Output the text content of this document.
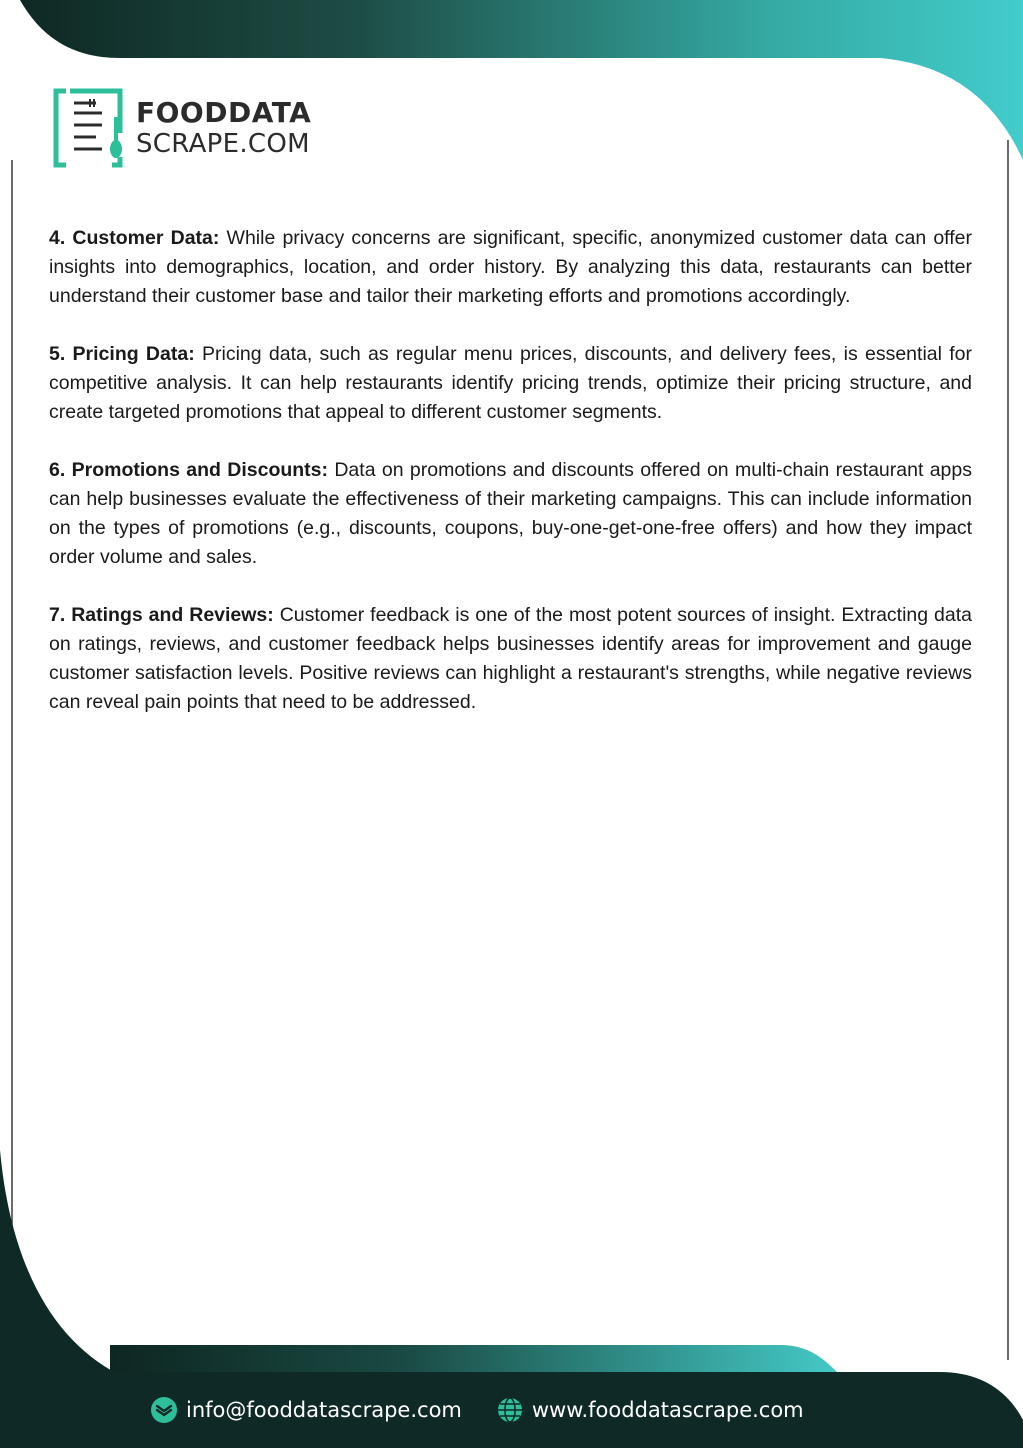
FOODDATA
SCRAPE.COM

4. Customer Data: While privacy concerns are significant, specific, anonymized customer data can offer insights into demographics, location, and order history. By analyzing this data, restaurants can better understand their customer base and tailor their marketing efforts and promotions accordingly.

5. Pricing Data: Pricing data, such as regular menu prices, discounts, and delivery fees, is essential for competitive analysis. It can help restaurants identify pricing trends, optimize their pricing structure, and create targeted promotions that appeal to different customer segments.

6. Promotions and Discounts: Data on promotions and discounts offered on multi-chain restaurant apps can help businesses evaluate the effectiveness of their marketing campaigns. This can include information on the types of promotions (e.g., discounts, coupons, buy-one-get-one-free offers) and how they impact order volume and sales.

7. Ratings and Reviews: Customer feedback is one of the most potent sources of insight. Extracting data on ratings, reviews, and customer feedback helps businesses identify areas for improvement and gauge customer satisfaction levels. Positive reviews can highlight a restaurant's strengths, while negative reviews can reveal pain points that need to be addressed.

info@fooddatascrape.com	www.fooddatascrape.com
